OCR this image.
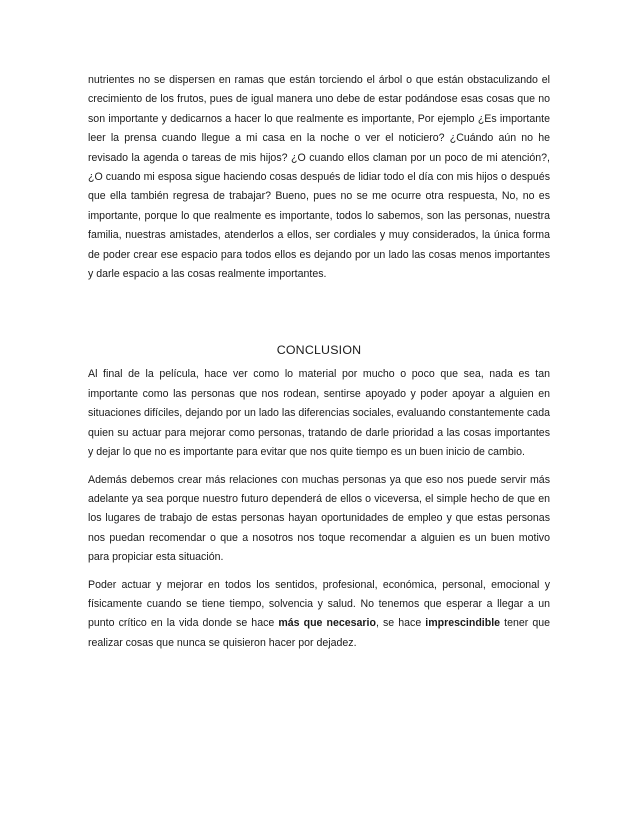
nutrientes no se dispersen en ramas que están torciendo el árbol o que están obstaculizando el crecimiento de los frutos, pues de igual manera uno debe de estar podándose esas cosas que no son importante y dedicarnos a hacer lo que realmente es importante, Por ejemplo ¿Es importante leer la prensa cuando llegue a mi casa en la noche o ver el noticiero? ¿Cuándo aún no he revisado la agenda o tareas de mis hijos? ¿O cuando ellos claman por un poco de mi atención?, ¿O cuando mi esposa sigue haciendo cosas después de lidiar todo el día con mis hijos o después que ella también regresa de trabajar? Bueno, pues no se me ocurre otra respuesta, No, no es importante, porque lo que realmente es importante, todos lo sabemos, son las personas, nuestra familia, nuestras amistades, atenderlos a ellos, ser cordiales y muy considerados, la única forma de poder crear ese espacio para todos ellos es dejando por un lado las cosas menos importantes y darle espacio a las cosas realmente importantes.

CONCLUSION

Al final de la película, hace ver como lo material por mucho o poco que sea, nada es tan importante como las personas que nos rodean, sentirse apoyado y poder apoyar a alguien en situaciones difíciles, dejando por un lado las diferencias sociales, evaluando constantemente cada quien su actuar para mejorar como personas, tratando de darle prioridad a las cosas importantes y dejar lo que no es importante para evitar que nos quite tiempo es un buen inicio de cambio.

Además debemos crear más relaciones con muchas personas ya que eso nos puede servir más adelante ya sea porque nuestro futuro dependerá de ellos o viceversa, el simple hecho de que en los lugares de trabajo de estas personas hayan oportunidades de empleo y que estas personas nos puedan recomendar o que a nosotros nos toque recomendar a alguien es un buen motivo para propiciar esta situación.

Poder actuar y mejorar en todos los sentidos, profesional, económica, personal, emocional y físicamente cuando se tiene tiempo, solvencia y salud. No tenemos que esperar a llegar a un punto crítico en la vida donde se hace más que necesario, se hace imprescindible tener que realizar cosas que nunca se quisieron hacer por dejadez.
